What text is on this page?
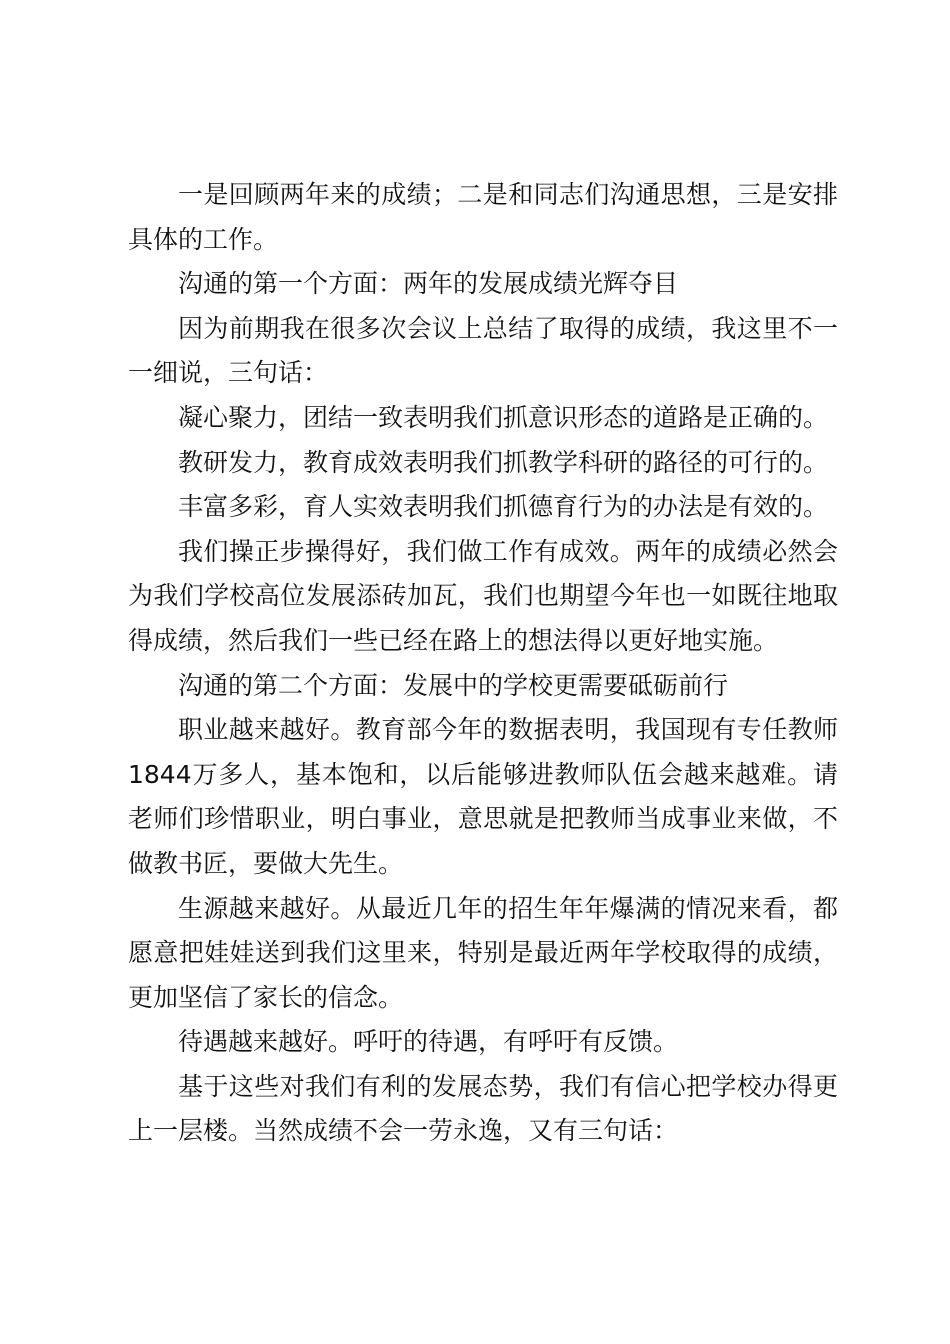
一是回顾两年来的成绩；二是和同志们沟通思想，三是安排具体的工作。

沟通的第一个方面：两年的发展成绩光辉夺目

因为前期我在很多次会议上总结了取得的成绩，我这里不一一细说，三句话：

凝心聚力，团结一致表明我们抓意识形态的道路是正确的。

教研发力，教育成效表明我们抓教学科研的路径的可行的。

丰富多彩，育人实效表明我们抓德育行为的办法是有效的。

我们操正步操得好，我们做工作有成效。两年的成绩必然会为我们学校高位发展添砖加瓦，我们也期望今年也一如既往地取得成绩，然后我们一些已经在路上的想法得以更好地实施。

沟通的第二个方面：发展中的学校更需要砥砺前行

职业越来越好。教育部今年的数据表明，我国现有专任教师1844万多人，基本饱和，以后能够进教师队伍会越来越难。请老师们珍惜职业，明白事业，意思就是把教师当成事业来做，不做教书匠，要做大先生。

生源越来越好。从最近几年的招生年年爆满的情况来看，都愿意把娃娃送到我们这里来，特别是最近两年学校取得的成绩，更加坚信了家长的信念。

待遇越来越好。呼吁的待遇，有呼吁有反馈。

基于这些对我们有利的发展态势，我们有信心把学校办得更上一层楼。当然成绩不会一劳永逸，又有三句话：
